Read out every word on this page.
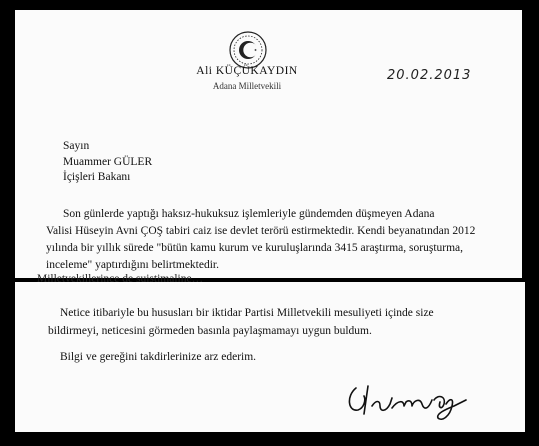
Ali KÜÇÜKAYDIN
Adana Milletvekili
20.02.2013
Sayın
Muammer GÜLER
İçişleri Bakanı
Son günlerde yaptığı haksız-hukuksuz işlemleriyle gündemden düşmeyen Adana
Valisi Hüseyin Avni ÇOŞ tabiri caiz ise devlet terörü estirmektedir. Kendi beyanatından 2012
yılında bir yıllık sürede "bütün kamu kurum ve kuruluşlarında 3415 araştırma, soruşturma,
inceleme" yaptırdığını belirtmektedir.
Milletvekillerince de suistimaline…
Netice itibariyle bu hususları bir iktidar Partisi Milletvekili mesuliyeti içinde size
bildirmeyi, neticesini görmeden basınla paylaşmamayı uygun buldum.
Bilgi ve gereğini takdirlerinize arz ederim.
